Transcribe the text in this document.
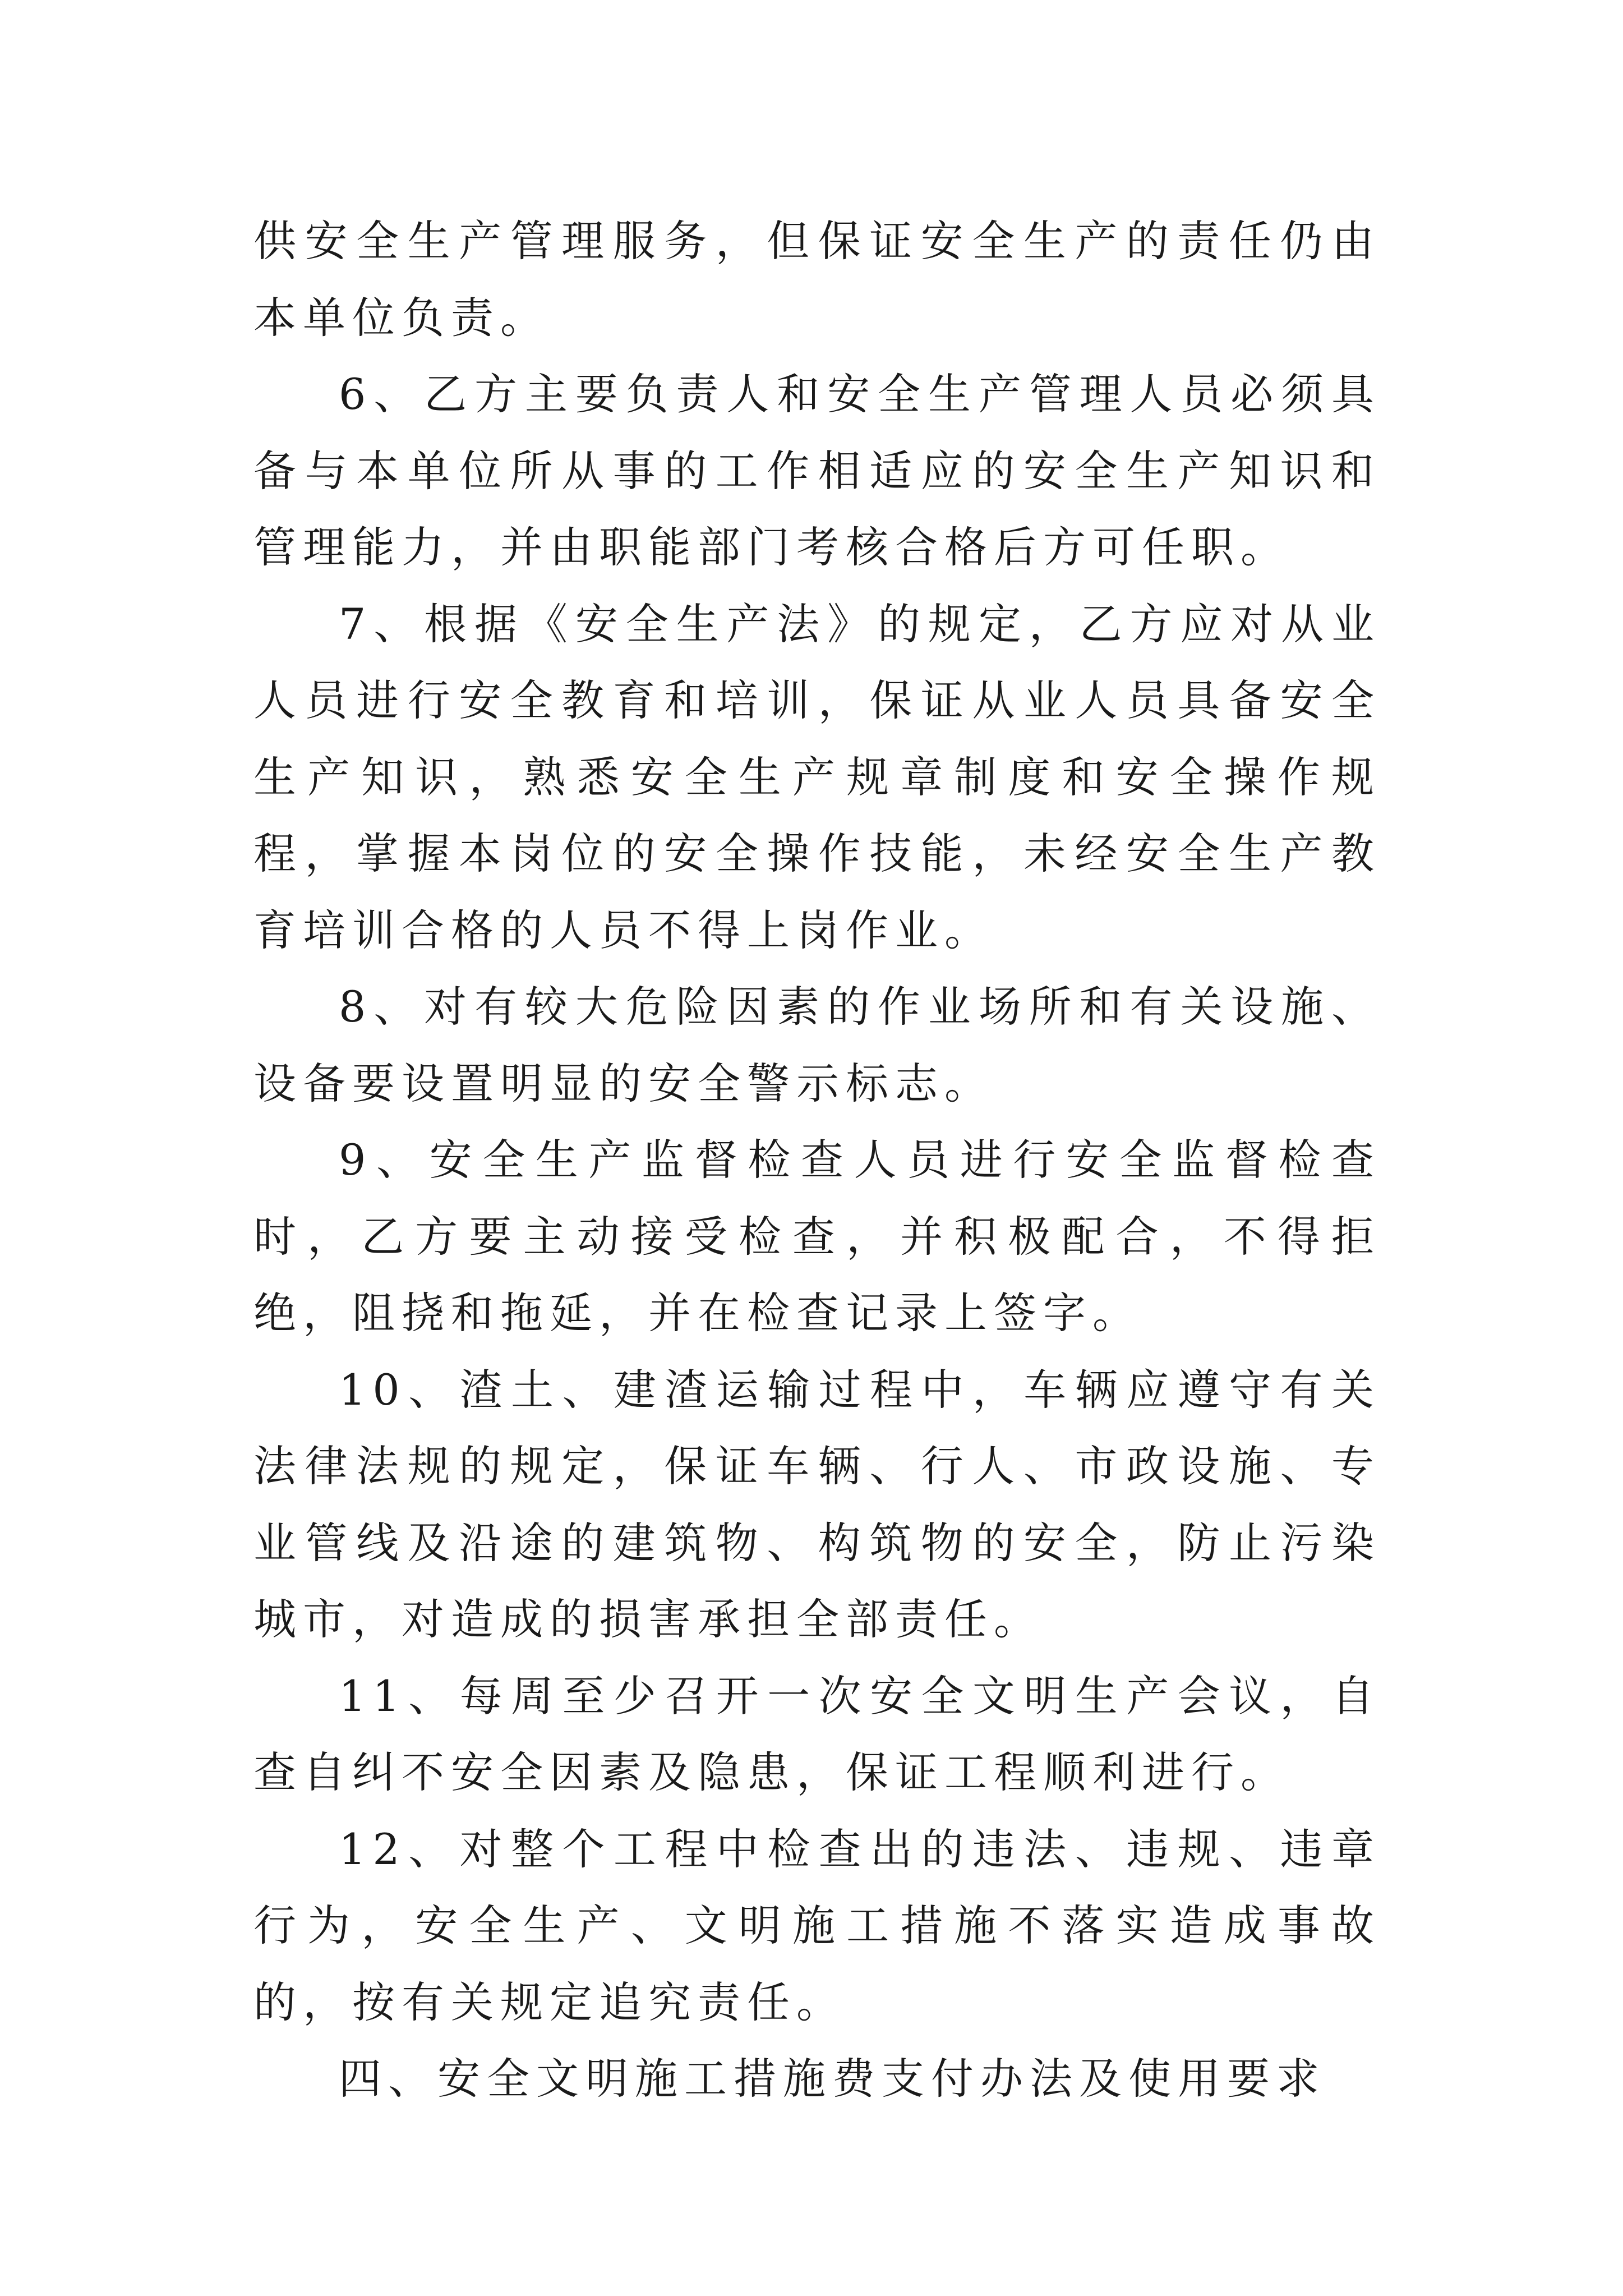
供安全生产管理服务，但保证安全生产的责任仍由本单位负责。

6、乙方主要负责人和安全生产管理人员必须具备与本单位所从事的工作相适应的安全生产知识和管理能力，并由职能部门考核合格后方可任职。

7、根据《安全生产法》的规定，乙方应对从业人员进行安全教育和培训，保证从业人员具备安全生产知识，熟悉安全生产规章制度和安全操作规程，掌握本岗位的安全操作技能，未经安全生产教育培训合格的人员不得上岗作业。

8、对有较大危险因素的作业场所和有关设施、设备要设置明显的安全警示标志。

9、安全生产监督检查人员进行安全监督检查时，乙方要主动接受检查，并积极配合，不得拒绝，阻挠和拖延，并在检查记录上签字。

10、渣土、建渣运输过程中，车辆应遵守有关法律法规的规定，保证车辆、行人、市政设施、专业管线及沿途的建筑物、构筑物的安全，防止污染城市，对造成的损害承担全部责任。

11、每周至少召开一次安全文明生产会议，自查自纠不安全因素及隐患，保证工程顺利进行。

12、对整个工程中检查出的违法、违规、违章行为，安全生产、文明施工措施不落实造成事故的，按有关规定追究责任。

四、安全文明施工措施费支付办法及使用要求
